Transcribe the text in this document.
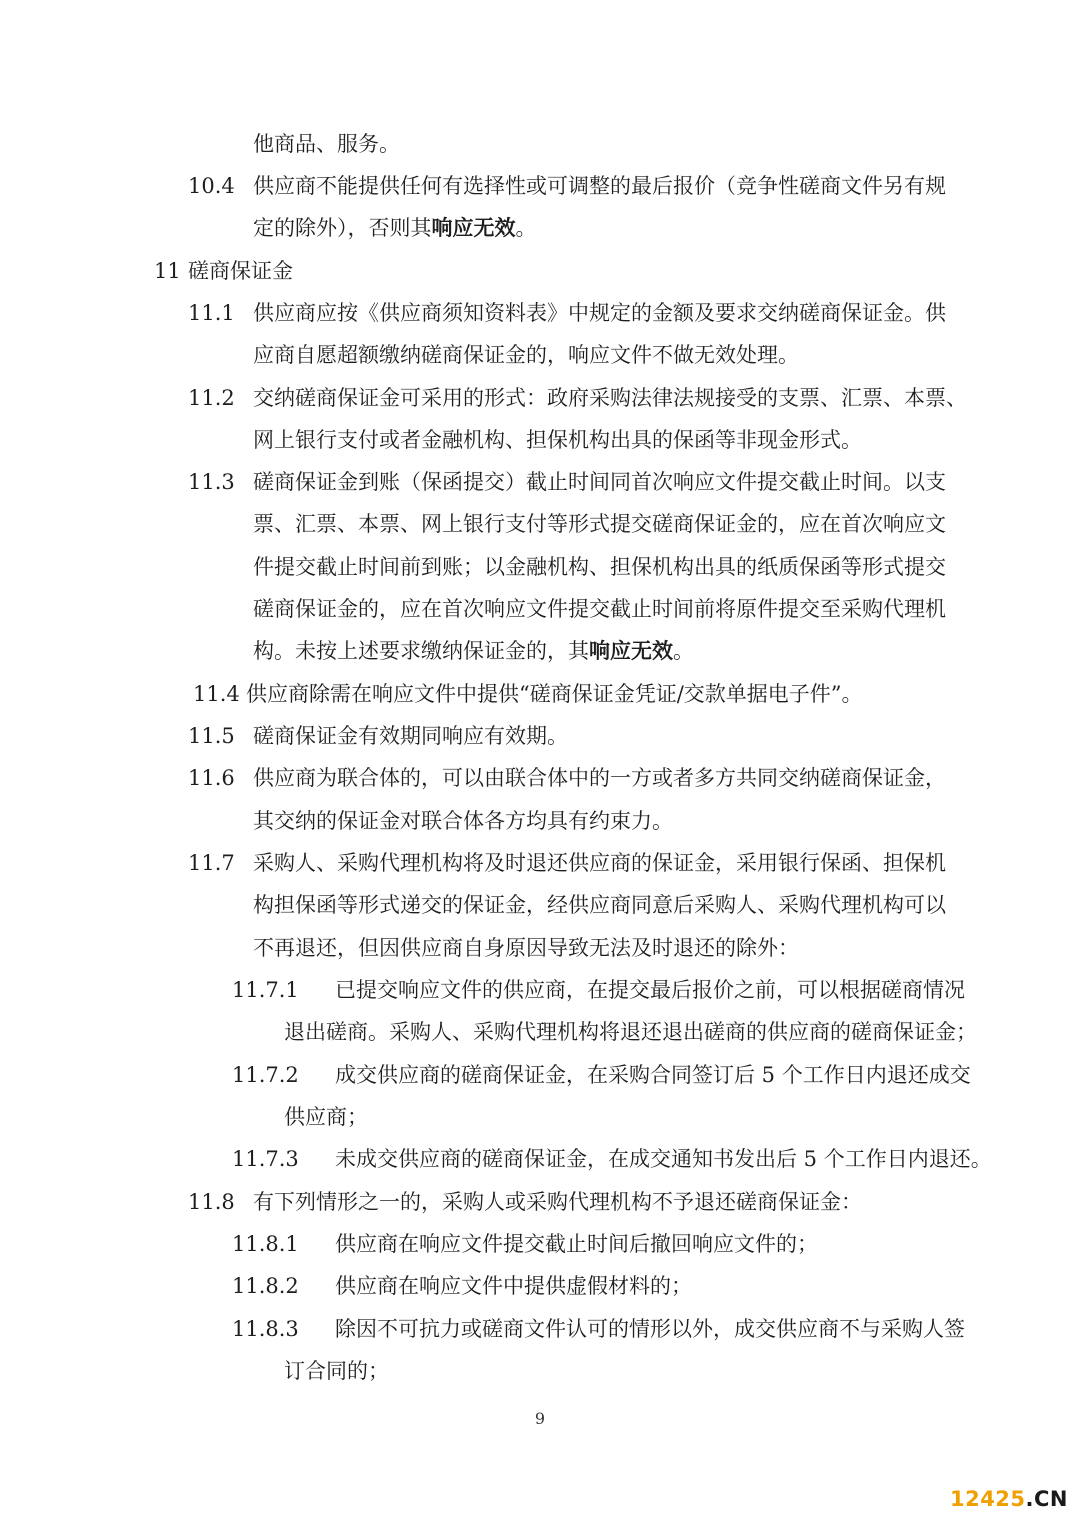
他商品、服务。
10.4 供应商不能提供任何有选择性或可调整的最后报价（竞争性磋商文件另有规
定的除外），否则其响应无效。
11 磋商保证金
11.1 供应商应按《供应商须知资料表》中规定的金额及要求交纳磋商保证金。供
应商自愿超额缴纳磋商保证金的，响应文件不做无效处理。
11.2 交纳磋商保证金可采用的形式：政府采购法律法规接受的支票、汇票、本票、
网上银行支付或者金融机构、担保机构出具的保函等非现金形式。
11.3 磋商保证金到账（保函提交）截止时间同首次响应文件提交截止时间。以支
票、汇票、本票、网上银行支付等形式提交磋商保证金的，应在首次响应文
件提交截止时间前到账；以金融机构、担保机构出具的纸质保函等形式提交
磋商保证金的，应在首次响应文件提交截止时间前将原件提交至采购代理机
构。未按上述要求缴纳保证金的，其响应无效。
11.4 供应商除需在响应文件中提供“磋商保证金凭证/交款单据电子件”。
11.5 磋商保证金有效期同响应有效期。
11.6 供应商为联合体的，可以由联合体中的一方或者多方共同交纳磋商保证金，
其交纳的保证金对联合体各方均具有约束力。
11.7 采购人、采购代理机构将及时退还供应商的保证金，采用银行保函、担保机
构担保函等形式递交的保证金，经供应商同意后采购人、采购代理机构可以
不再退还，但因供应商自身原因导致无法及时退还的除外：
11.7.1 已提交响应文件的供应商，在提交最后报价之前，可以根据磋商情况
退出磋商。采购人、采购代理机构将退还退出磋商的供应商的磋商保证金；
11.7.2 成交供应商的磋商保证金，在采购合同签订后 5 个工作日内退还成交
供应商；
11.7.3 未成交供应商的磋商保证金，在成交通知书发出后 5 个工作日内退还。
11.8 有下列情形之一的，采购人或采购代理机构不予退还磋商保证金：
11.8.1 供应商在响应文件提交截止时间后撤回响应文件的；
11.8.2 供应商在响应文件中提供虚假材料的；
11.8.3 除因不可抗力或磋商文件认可的情形以外，成交供应商不与采购人签
订合同的；
9
12425.CN
